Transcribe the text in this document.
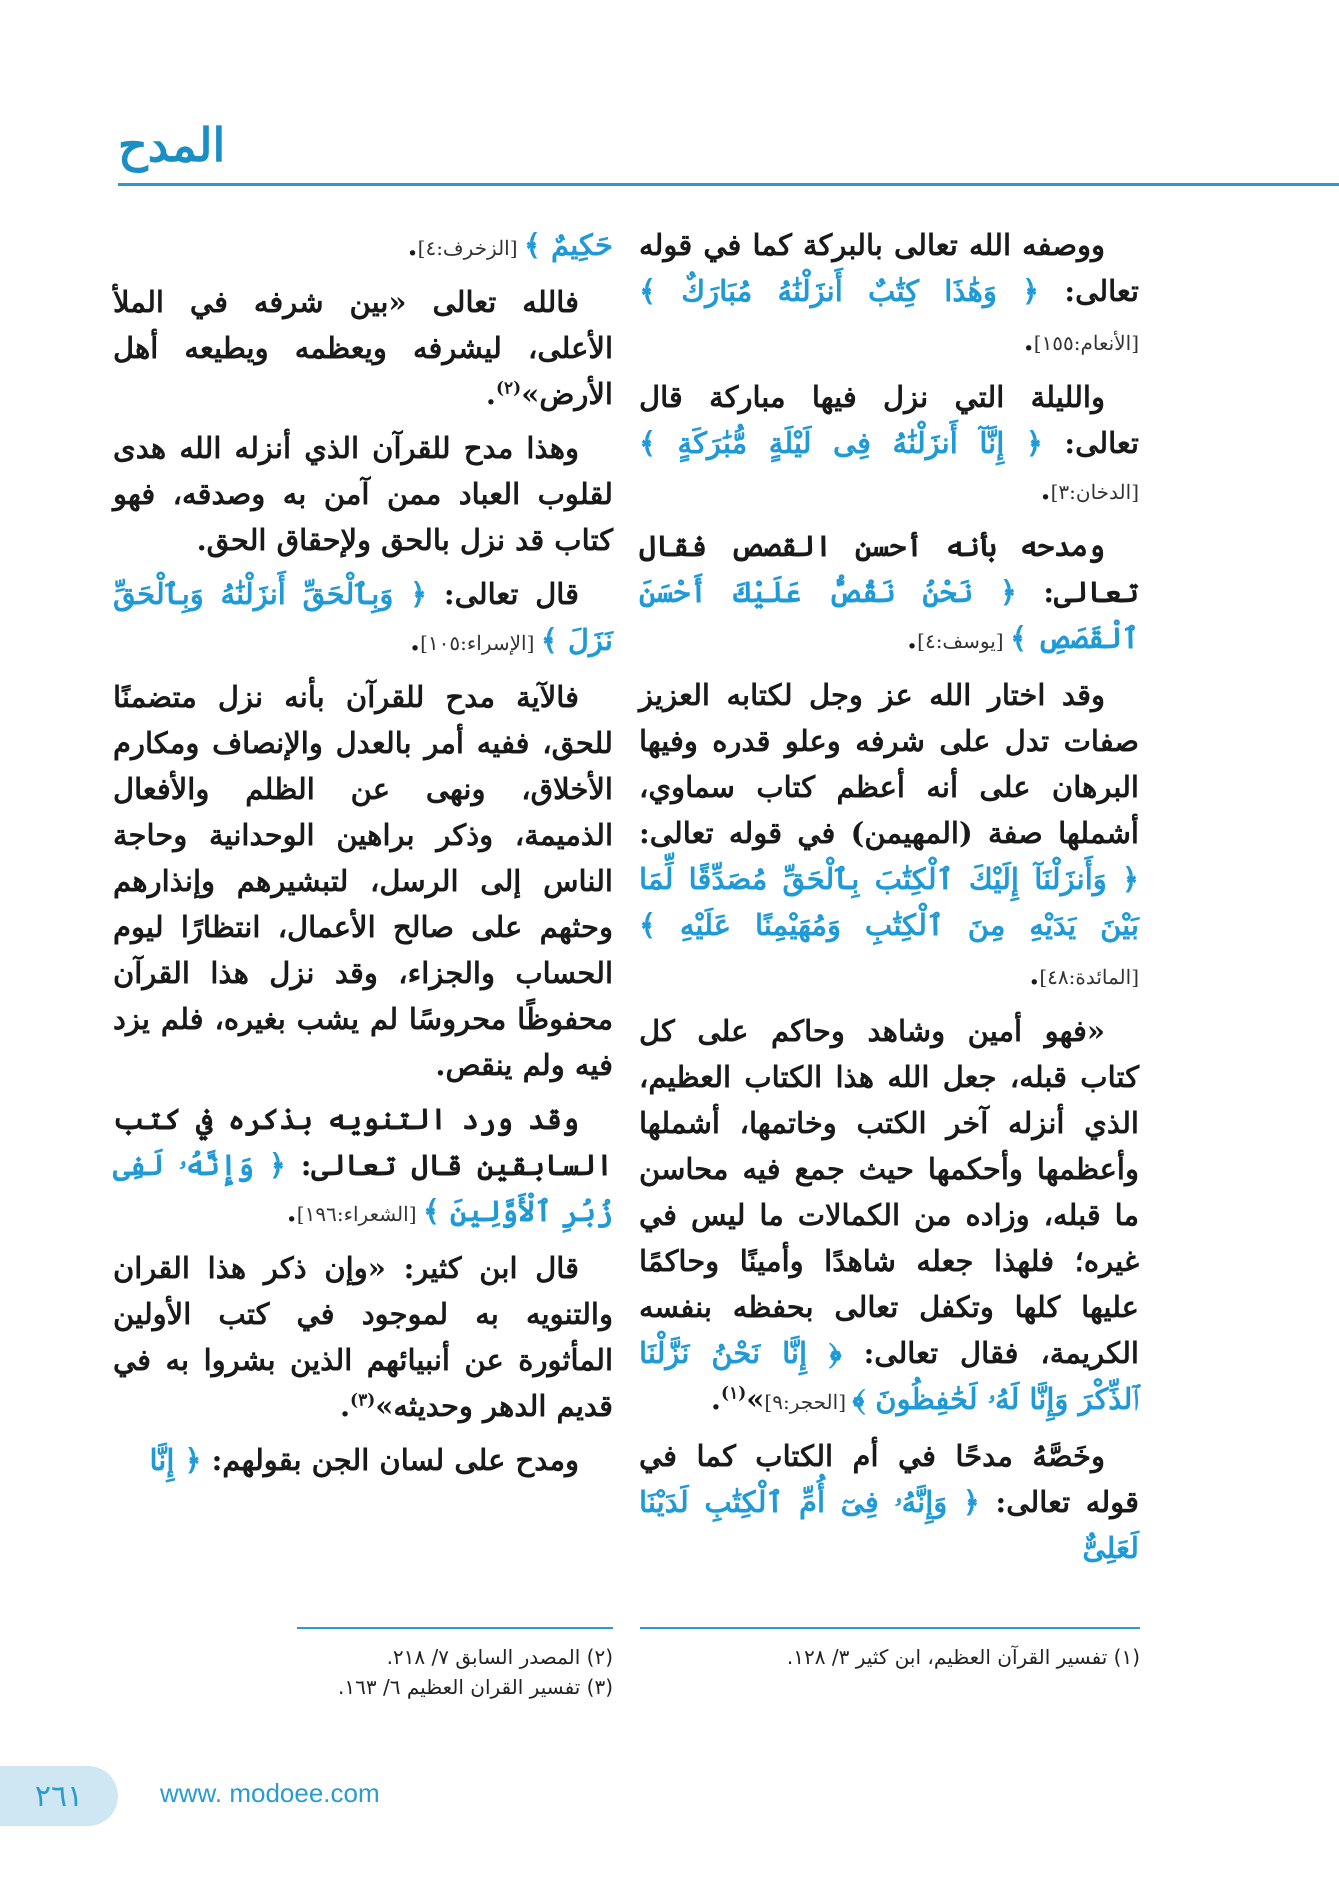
المدح

ووصفه الله تعالى بالبركة كما في قوله تعالى: ﴿ وَهَٰذَا كِتَٰبٌ أَنزَلْنَٰهُ مُبَارَكٌ ﴾ [الأنعام:١٥٥].

والليلة التي نزل فيها مباركة قال تعالى: ﴿ إِنَّآ أَنزَلْنَٰهُ فِى لَيْلَةٍ مُّبَٰرَكَةٍ ﴾[الدخان:٣].

ومدحه بأنه أحسن القصص فقال تعالى: ﴿ نَحْنُ نَقُصُّ عَلَيْكَ أَحْسَنَ ٱلْقَصَصِ ﴾ [يوسف:٤].

وقد اختار الله عز وجل لكتابه العزيز صفات تدل على شرفه وعلو قدره وفيها البرهان على أنه أعظم كتاب سماوي، أشملها صفة (المهيمن) في قوله تعالى: ﴿ وَأَنزَلْنَآ إِلَيْكَ ٱلْكِتَٰبَ بِٱلْحَقِّ مُصَدِّقًا لِّمَا بَيْنَ يَدَيْهِ مِنَ ٱلْكِتَٰبِ وَمُهَيْمِنًا عَلَيْهِ ﴾ [المائدة:٤٨].

«فهو أمين وشاهد وحاكم على كل كتاب قبله، جعل الله هذا الكتاب العظيم، الذي أنزله آخر الكتب وخاتمها، أشملها وأعظمها وأحكمها حيث جمع فيه محاسن ما قبله، وزاده من الكمالات ما ليس في غيره؛ فلهذا جعله شاهدًا وأمينًا وحاكمًا عليها كلها وتكفل تعالى بحفظه بنفسه الكريمة، فقال تعالى: ﴿ إِنَّا نَحْنُ نَزَّلْنَا ٱلذِّكْرَ وَإِنَّا لَهُۥ لَحَٰفِظُونَ ﴾ [الحجر:٩]»$^{(١)}$.

وخَصَّهُ مدحًا في أم الكتاب كما في قوله تعالى: ﴿ وَإِنَّهُۥ فِىٓ أُمِّ ٱلْكِتَٰبِ لَدَيْنَا لَعَلِىٌّ

حَكِيمٌ ﴾ [الزخرف:٤].

فالله تعالى «بين شرفه في الملأ الأعلى، ليشرفه ويعظمه ويطيعه أهل الأرض»$^{(٢)}$.

وهذا مدح للقرآن الذي أنزله الله هدى لقلوب العباد ممن آمن به وصدقه، فهو كتاب قد نزل بالحق ولإحقاق الحق.

قال تعالى: ﴿ وَبِٱلْحَقِّ أَنزَلْنَٰهُ وَبِٱلْحَقِّ نَزَلَ ﴾ [الإسراء:١٠٥].

فالآية مدح للقرآن بأنه نزل متضمنًا للحق، ففيه أمر بالعدل والإنصاف ومكارم الأخلاق، ونهى عن الظلم والأفعال الذميمة، وذكر براهين الوحدانية وحاجة الناس إلى الرسل، لتبشيرهم وإنذارهم وحثهم على صالح الأعمال، انتظارًا ليوم الحساب والجزاء، وقد نزل هذا القرآن محفوظًا محروسًا لم يشب بغيره، فلم يزد فيه ولم ينقص.

وقد ورد التنويه بذكره في كتب السابقين قال تعالى: ﴿ وَإِنَّهُۥ لَفِى زُبُرِ ٱلْأَوَّلِينَ ﴾ [الشعراء:١٩٦].

قال ابن كثير: «وإن ذكر هذا القران والتنويه به لموجود في كتب الأولين المأثورة عن أنبيائهم الذين بشروا به في قديم الدهر وحديثه»$^{(٣)}$.

ومدح على لسان الجن بقولهم: ﴿ إِنَّا

(١) تفسير القرآن العظيم، ابن كثير ٣/ ١٢٨.
(٢) المصدر السابق ٧/ ٢١٨.
(٣) تفسير القران العظيم ٦/ ١٦٣.
٢٦١	www. modoee.com
